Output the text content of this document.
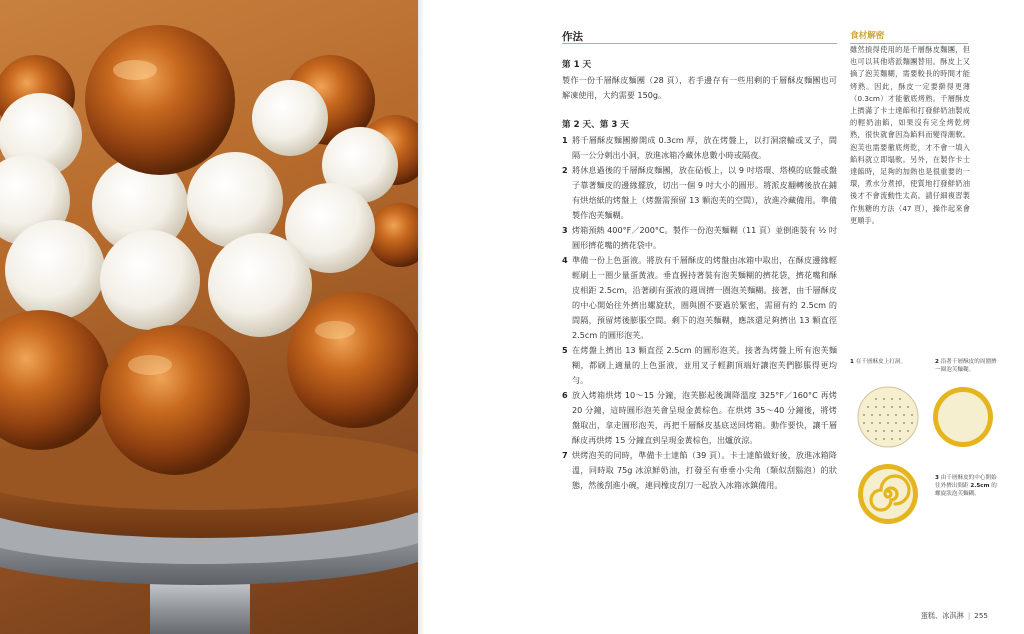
作法
第 1 天

製作一份千層酥皮麵團（28 頁），若手邊存有一些用剩的千層酥皮麵團也可解凍使用，大約需要 150g。

第 2 天、第 3 天
1 將千層酥皮麵團擀開成 0.3cm 厚，放在烤盤上，以打洞滾輪或叉子，間隔一公分刺出小洞，放進冰箱冷藏休息數小時或隔夜。
2 將休息過後的千層酥皮麵團，放在砧板上，以 9 吋塔環、塔模的底盤或盤子靠著麵皮的邊緣擺放，切出一個 9 吋大小的圓形。將派皮翻轉後放在鋪有烘焙紙的烤盤上（烤盤需預留 13 顆泡芙的空間），放進冷藏備用。準備製作泡芙麵糊。
3 烤箱預熱 400°F／200°C。製作一份泡芙麵糊（11 頁）並倒進裝有 ½ 吋圓形擠花嘴的擠花袋中。
4 準備一份上色蛋液。將放有千層酥皮的烤盤由冰箱中取出，在酥皮邊緣輕輕刷上一圈少量蛋黃液。垂直握持著裝有泡芙麵糊的擠花袋，擠花嘴和酥皮相距 2.5cm，沿著刷有蛋液的週周擠一圈泡芙麵糊。接著，由千層酥皮的中心開始往外擠出螺旋狀，圈與圈不要過於緊密，需留有約 2.5cm 的間隔，預留烤後膨脹空間。剩下的泡芙麵糊，應該還足夠擠出 13 顆直徑 2.5cm 的圓形泡芙。
5 在烤盤上擠出 13 顆直徑 2.5cm 的圓形泡芙。接著為烤盤上所有泡芙麵糊，都刷上適量的上色蛋液，並用叉子輕劃頂端好讓泡芙們膨脹得更均勻。
6 放入烤箱烘烤 10～15 分鐘，泡芙膨起後調降溫度 325°F／160°C 再烤 20 分鐘，這時圓形泡芙會呈現金黃棕色。在烘烤 35～40 分鐘後，將烤盤取出，拿走圓形泡芙，再把千層酥皮基底送回烤箱。動作要快，讓千層酥皮再烘烤 15 分鐘直到呈現金黃棕色，出爐放涼。
7 烘烤泡芙的同時，準備卡士達餡（39 頁）。卡士達餡做好後，放進冰箱降溫，同時取 75g 冰涼鮮奶油，打發至有垂垂小尖角（類似刮鬍泡）的狀態，然後刮進小碗，連同橡皮刮刀一起放入冰箱冰鎮備用。
食材解密

雖然摃得使用的是千層酥皮麵團，但也可以其他塔派麵團替用。酥皮上又摘了泡芙麵糊，需要較長的時間才能烤熟。因此，酥皮一定要擀得更薄（0.3cm）才能徹底烤熟。千層酥皮上擠滿了卡士達餡和打發鮮奶油製成的輕奶油餡，如果沒有完全烤乾烤熟，很快就會因為餡料而變得潮軟。泡芙也需要徹底烤乾，才不會一填入餡料就立即塌軟。另外，在製作卡士達餡時，足夠的加熱也是很重要的一環，煮水分煮掉，使質地打發鮮奶油後才不會流動性太高。請仔細複習製作焦糖的方法（47 頁），操作起來會更順手。

1 在千層酥皮上打洞。	2 沿著千層酥皮的周圍擠一圈泡芙麵糊。
3 由千層酥皮的中心開始往外擠出間距 2.5cm 的螺旋狀泡芙麵糊。
蛋糕、冰淇淋 | 255
